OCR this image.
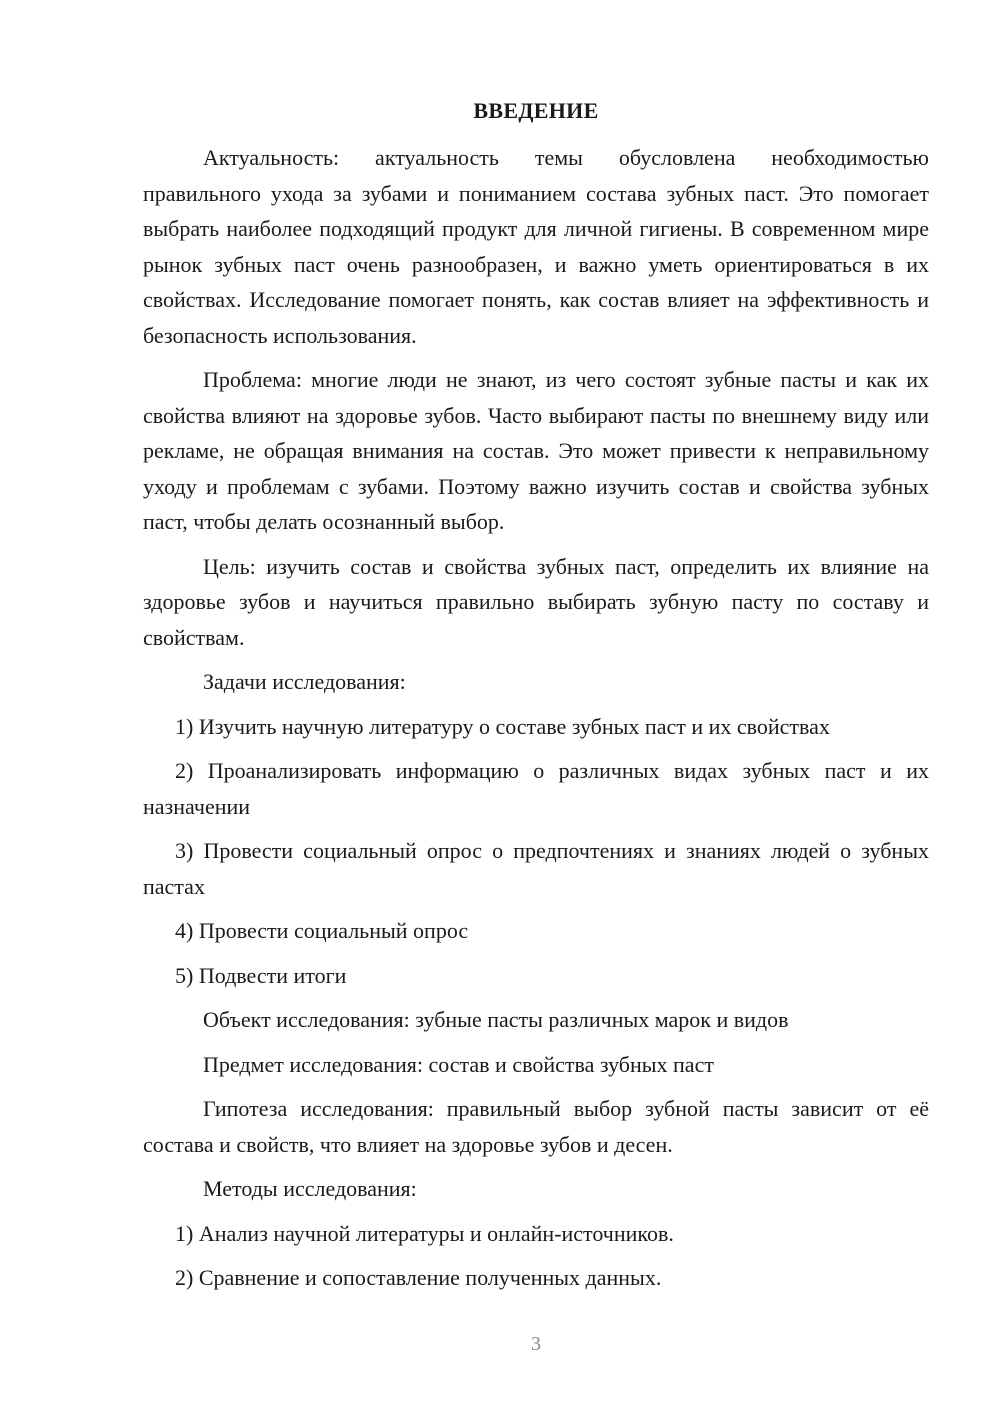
ВВЕДЕНИЕ

Актуальность: актуальность темы обусловлена необходимостью правильного ухода за зубами и пониманием состава зубных паст. Это помогает выбрать наиболее подходящий продукт для личной гигиены. В современном мире рынок зубных паст очень разнообразен, и важно уметь ориентироваться в их свойствах. Исследование помогает понять, как состав влияет на эффективность и безопасность использования.

Проблема: многие люди не знают, из чего состоят зубные пасты и как их свойства влияют на здоровье зубов. Часто выбирают пасты по внешнему виду или рекламе, не обращая внимания на состав. Это может привести к неправильному уходу и проблемам с зубами. Поэтому важно изучить состав и свойства зубных паст, чтобы делать осознанный выбор.

Цель: изучить состав и свойства зубных паст, определить их влияние на здоровье зубов и научиться правильно выбирать зубную пасту по составу и свойствам.

Задачи исследования:

1) Изучить научную литературу о составе зубных паст и их свойствах

2) Проанализировать информацию о различных видах зубных паст и их назначении

3) Провести социальный опрос о предпочтениях и знаниях людей о зубных пастах

4) Провести социальный опрос

5) Подвести итоги

Объект исследования: зубные пасты различных марок и видов

Предмет исследования: состав и свойства зубных паст

Гипотеза исследования: правильный выбор зубной пасты зависит от её состава и свойств, что влияет на здоровье зубов и десен.

Методы исследования:

1) Анализ научной литературы и онлайн-источников.

2) Сравнение и сопоставление полученных данных.

3
